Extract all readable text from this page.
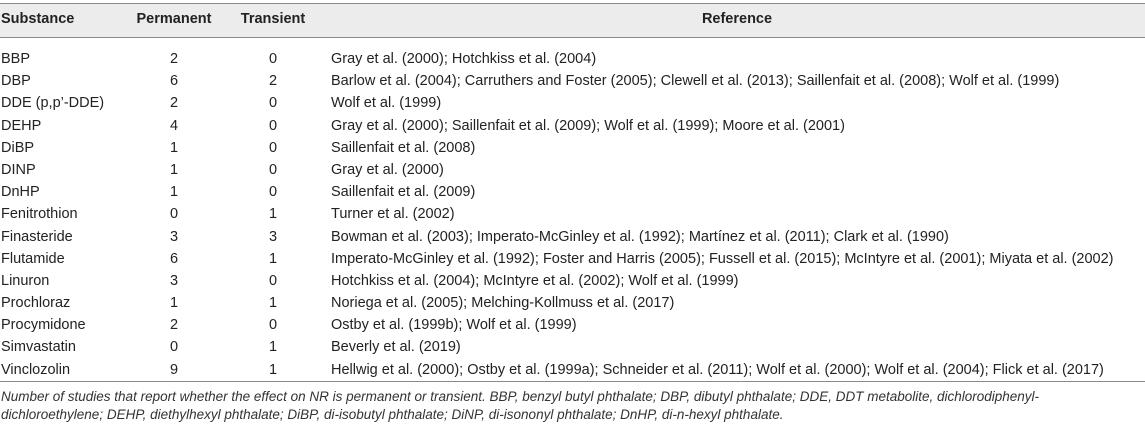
Substance	Permanent	Transient	Reference
BBP	2	0	Gray et al. (2000); Hotchkiss et al. (2004)
DBP	6	2	Barlow et al. (2004); Carruthers and Foster (2005); Clewell et al. (2013); Saillenfait et al. (2008); Wolf et al. (1999)
DDE (p,p’-DDE)	2	0	Wolf et al. (1999)
DEHP	4	0	Gray et al. (2000); Saillenfait et al. (2009); Wolf et al. (1999); Moore et al. (2001)
DiBP	1	0	Saillenfait et al. (2008)
DINP	1	0	Gray et al. (2000)
DnHP	1	0	Saillenfait et al. (2009)
Fenitrothion	0	1	Turner et al. (2002)
Finasteride	3	3	Bowman et al. (2003); Imperato-McGinley et al. (1992); Martínez et al. (2011); Clark et al. (1990)
Flutamide	6	1	Imperato-McGinley et al. (1992); Foster and Harris (2005); Fussell et al. (2015); McIntyre et al. (2001); Miyata et al. (2002)
Linuron	3	0	Hotchkiss et al. (2004); McIntyre et al. (2002); Wolf et al. (1999)
Prochloraz	1	1	Noriega et al. (2005); Melching-Kollmuss et al. (2017)
Procymidone	2	0	Ostby et al. (1999b); Wolf et al. (1999)
Simvastatin	0	1	Beverly et al. (2019)
Vinclozolin	9	1	Hellwig et al. (2000); Ostby et al. (1999a); Schneider et al. (2011); Wolf et al. (2000); Wolf et al. (2004); Flick et al. (2017)
Number of studies that report whether the effect on NR is permanent or transient. BBP, benzyl butyl phthalate; DBP, dibutyl phthalate; DDE, DDT metabolite, dichlorodiphenyl-dichloroethylene; DEHP, diethylhexyl phthalate; DiBP, di-isobutyl phthalate; DiNP, di-isononyl phthalate; DnHP, di-n-hexyl phthalate.
